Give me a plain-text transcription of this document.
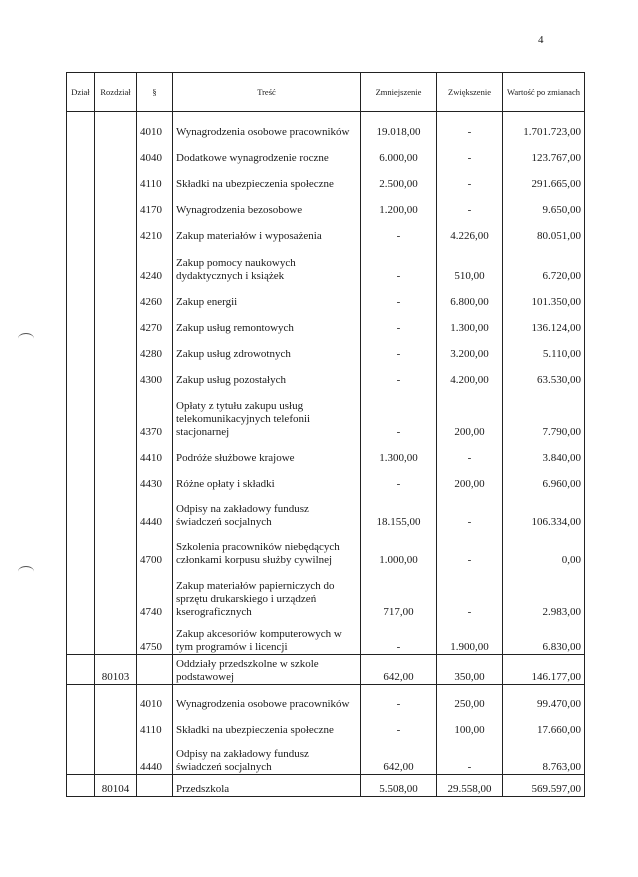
4
Dział	Rozdział	§	Treść	Zmniejszenie	Zwiększenie	Wartość po zmianach
		4010	Wynagrodzenia osobowe pracowników	19.018,00	-	1.701.723,00
		4040	Dodatkowe wynagrodzenie roczne	6.000,00	-	123.767,00
		4110	Składki na ubezpieczenia społeczne	2.500,00	-	291.665,00
		4170	Wynagrodzenia bezosobowe	1.200,00	-	9.650,00
		4210	Zakup materiałów i wyposażenia	-	4.226,00	80.051,00
		4240	Zakup pomocy naukowych dydaktycznych i książek	-	510,00	6.720,00
		4260	Zakup energii	-	6.800,00	101.350,00
		4270	Zakup usług remontowych	-	1.300,00	136.124,00
		4280	Zakup usług zdrowotnych	-	3.200,00	5.110,00
		4300	Zakup usług pozostałych	-	4.200,00	63.530,00
		4370	Opłaty z tytułu zakupu usług telekomunikacyjnych telefonii stacjonarnej	-	200,00	7.790,00
		4410	Podróże służbowe krajowe	1.300,00	-	3.840,00
		4430	Różne opłaty i składki	-	200,00	6.960,00
		4440	Odpisy na zakładowy fundusz świadczeń socjalnych	18.155,00	-	106.334,00
		4700	Szkolenia pracowników niebędących członkami korpusu służby cywilnej	1.000,00	-	0,00
		4740	Zakup materiałów papierniczych do sprzętu drukarskiego i urządzeń kserograficznych	717,00	-	2.983,00
		4750	Zakup akcesoriów komputerowych w tym programów i licencji	-	1.900,00	6.830,00
	80103		Oddziały przedszkolne w szkole podstawowej	642,00	350,00	146.177,00
		4010	Wynagrodzenia osobowe pracowników	-	250,00	99.470,00
		4110	Składki na ubezpieczenia społeczne	-	100,00	17.660,00
		4440	Odpisy na zakładowy fundusz świadczeń socjalnych	642,00	-	8.763,00
	80104		Przedszkola	5.508,00	29.558,00	569.597,00
